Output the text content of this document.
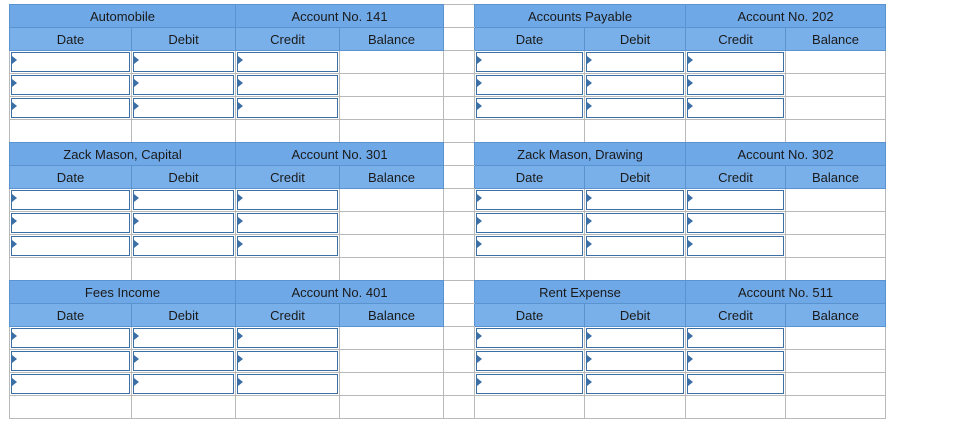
Automobile		Account No. 141			Accounts Payable		Account No. 202	
Date	Debit	Credit	Balance		Date	Debit	Credit	Balance

Zack Mason, Capital		Account No. 301			Zack Mason, Drawing		Account No. 302	
Date	Debit	Credit	Balance		Date	Debit	Credit	Balance

Fees Income		Account No. 401			Rent Expense		Account No. 511	
Date	Debit	Credit	Balance		Date	Debit	Credit	Balance
